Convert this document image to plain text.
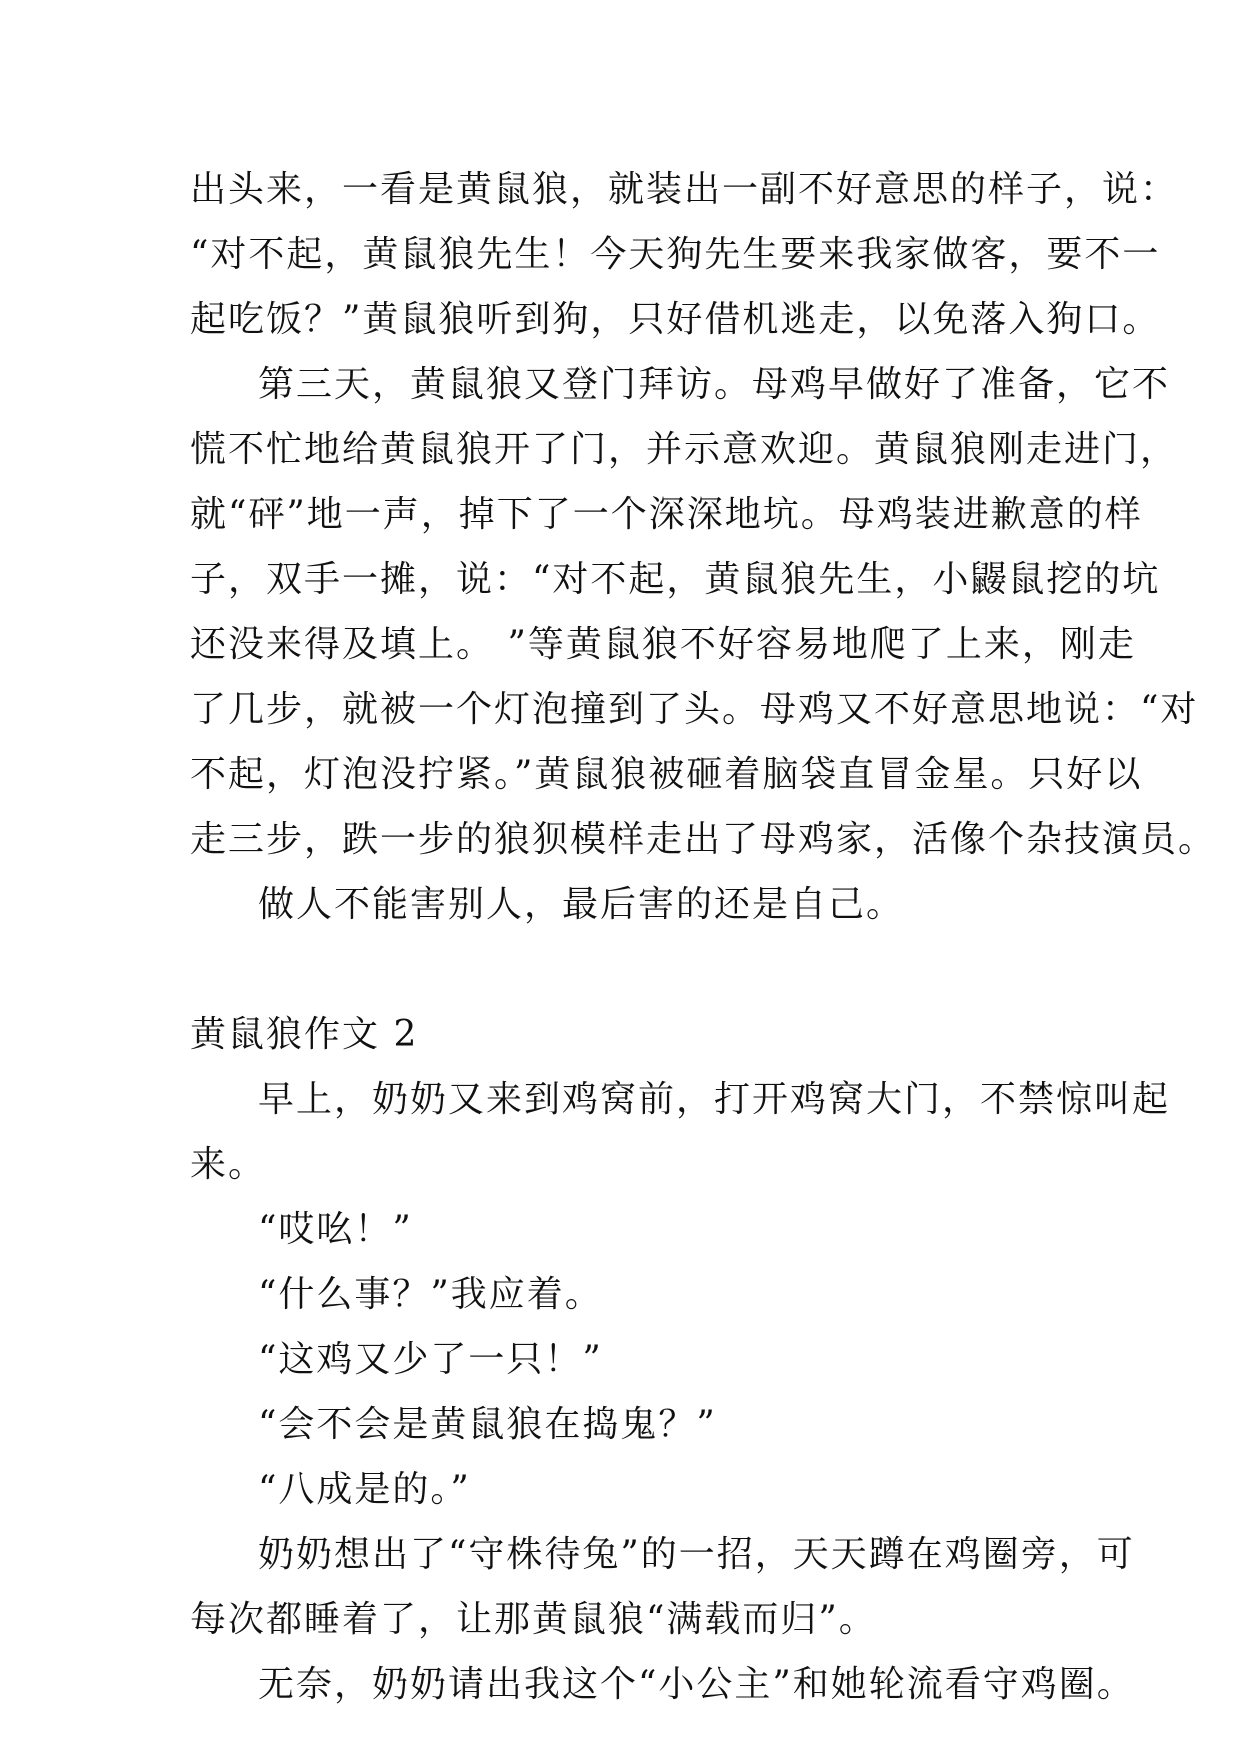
出头来，一看是黄鼠狼，就装出一副不好意思的样子，说：
“对不起，黄鼠狼先生！今天狗先生要来我家做客，要不一
起吃饭？”黄鼠狼听到狗，只好借机逃走，以免落入狗口。
第三天，黄鼠狼又登门拜访。母鸡早做好了准备，它不
慌不忙地给黄鼠狼开了门，并示意欢迎。黄鼠狼刚走进门，
就“砰”地一声，掉下了一个深深地坑。母鸡装进歉意的样
子，双手一摊，说：“对不起，黄鼠狼先生，小鼹鼠挖的坑
还没来得及填上。 ”等黄鼠狼不好容易地爬了上来，刚走
了几步，就被一个灯泡撞到了头。母鸡又不好意思地说：“对
不起，灯泡没拧紧。”黄鼠狼被砸着脑袋直冒金星。只好以
走三步，跌一步的狼狈模样走出了母鸡家，活像个杂技演员。
做人不能害别人，最后害的还是自己。
黄鼠狼作文 2
早上，奶奶又来到鸡窝前，打开鸡窝大门，不禁惊叫起
来。
“哎吆！”
“什么事？”我应着。
“这鸡又少了一只！”
“会不会是黄鼠狼在捣鬼？”
“八成是的。”
奶奶想出了“守株待兔”的一招，天天蹲在鸡圈旁，可
每次都睡着了，让那黄鼠狼“满载而归”。
无奈，奶奶请出我这个“小公主”和她轮流看守鸡圈。
